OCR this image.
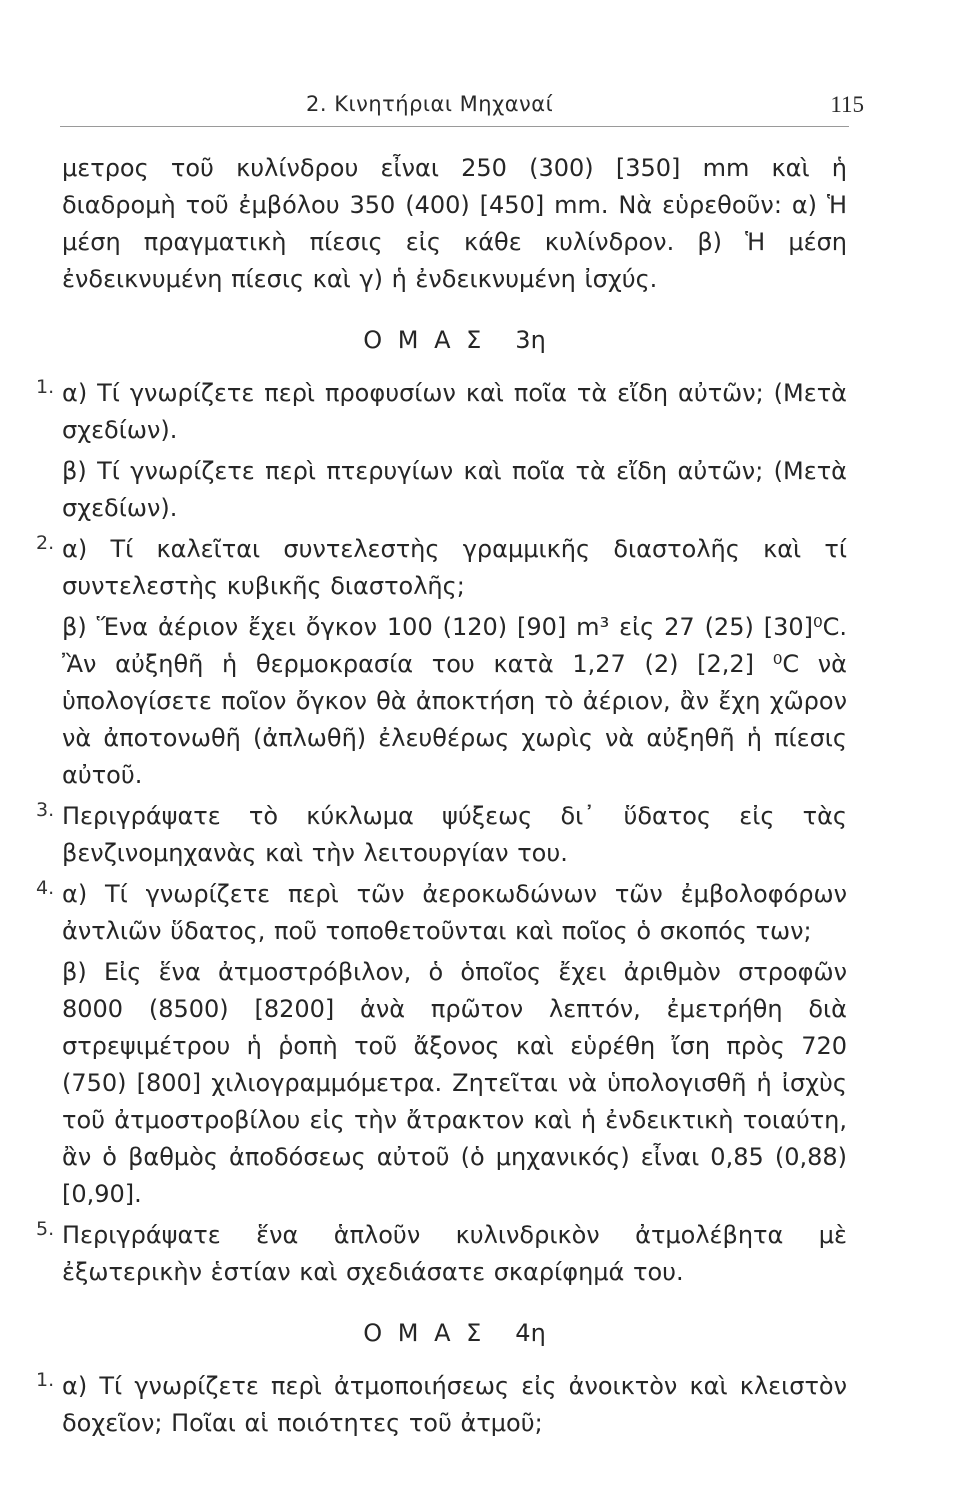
2. Κινητήριαι Μηχαναί	115

μετρος τοῦ κυλίνδρου εἶναι 250 (300) [350] mm καὶ ἡ διαδρομὴ τοῦ ἐμβόλου 350 (400) [450] mm. Νὰ εὑρεθοῦν: α) Ἡ μέση πραγματικὴ πίεσις εἰς κάθε κυλίνδρον. β) Ἡ μέση ἐνδεικνυμένη πίεσις καὶ γ) ἡ ἐνδεικνυμένη ἰσχύς.

Ο Μ Α Σ 3η
1. α) Τί γνωρίζετε περὶ προφυσίων καὶ ποῖα τὰ εἴδη αὐτῶν; (Μετὰ σχεδίων).

β) Τί γνωρίζετε περὶ πτερυγίων καὶ ποῖα τὰ εἴδη αὐτῶν; (Μετὰ σχεδίων).

2. α) Τί καλεῖται συντελεστὴς γραμμικῆς διαστολῆς καὶ τί συντελεστὴς κυβικῆς διαστολῆς;

β) Ἕνα ἀέριον ἔχει ὄγκον 100 (120) [90] m³ εἰς 27 (25) [30]⁰C. Ἂν αὐξηθῆ ἡ θερμοκρασία του κατὰ 1,27 (2) [2,2] ⁰C νὰ ὑπολογίσετε ποῖον ὄγκον θὰ ἀποκτήση τὸ ἀέριον, ἂν ἔχη χῶρον νὰ ἀποτονωθῆ (ἀπλωθῆ) ἐλευθέρως χωρὶς νὰ αὐξηθῆ ἡ πίεσις αὐτοῦ.

3. Περιγράψατε τὸ κύκλωμα ψύξεως δι᾽ ὕδατος εἰς τὰς βενζινομηχανὰς καὶ τὴν λειτουργίαν του.

4. α) Τί γνωρίζετε περὶ τῶν ἀεροκωδώνων τῶν ἐμβολοφόρων ἀντλιῶν ὕδατος, ποῦ τοποθετοῦνται καὶ ποῖος ὁ σκοπός των;

β) Εἰς ἕνα ἀτμοστρόβιλον, ὁ ὁποῖος ἔχει ἀριθμὸν στροφῶν 8000 (8500) [8200] ἀνὰ πρῶτον λεπτόν, ἐμετρήθη διὰ στρεψιμέτρου ἡ ῥοπὴ τοῦ ἄξονος καὶ εὑρέθη ἴση πρὸς 720 (750) [800] χιλιογραμμόμετρα. Ζητεῖται νὰ ὑπολογισθῆ ἡ ἰσχὺς τοῦ ἀτμοστροβίλου εἰς τὴν ἄτρακτον καὶ ἡ ἐνδεικτικὴ τοιαύτη, ἂν ὁ βαθμὸς ἀποδόσεως αὐτοῦ (ὁ μηχανικός) εἶναι 0,85 (0,88) [0,90].

5. Περιγράψατε ἕνα ἁπλοῦν κυλινδρικὸν ἀτμολέβητα μὲ ἐξωτερικὴν ἑστίαν καὶ σχεδιάσατε σκαρίφημά του.

Ο Μ Α Σ 4η
1. α) Τί γνωρίζετε περὶ ἀτμοποιήσεως εἰς ἀνοικτὸν καὶ κλειστὸν δοχεῖον; Ποῖαι αἱ ποιότητες τοῦ ἀτμοῦ;
